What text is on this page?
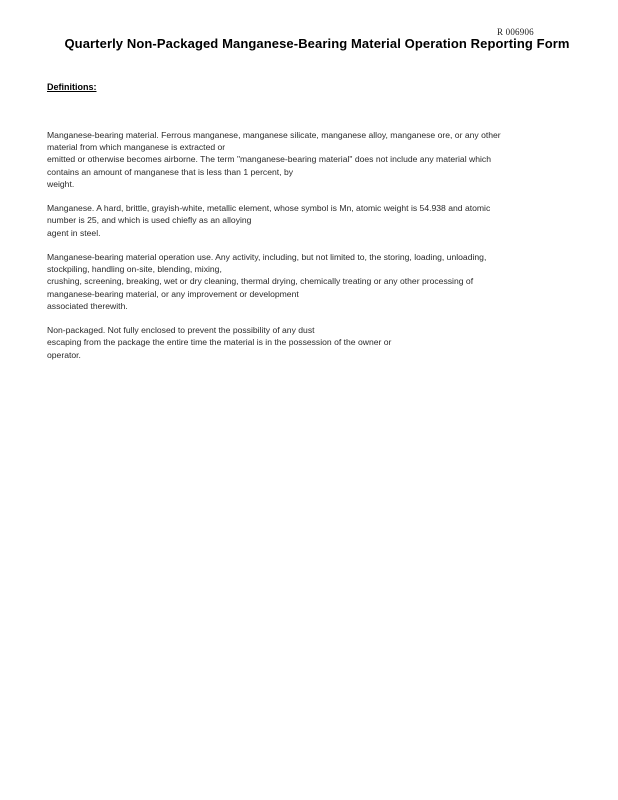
R 006906
Quarterly Non-Packaged Manganese-Bearing Material Operation Reporting Form
Definitions:
Manganese-bearing material. Ferrous manganese, manganese silicate, manganese alloy, manganese ore, or any other
material from which manganese is extracted or
emitted or otherwise becomes airborne. The term "manganese-bearing material" does not include any material which
contains an amount of manganese that is less than 1 percent, by
weight.
Manganese. A hard, brittle, grayish-white, metallic element, whose symbol is Mn, atomic weight is 54.938 and atomic
number is 25, and which is used chiefly as an alloying
agent in steel.
Manganese-bearing material operation use. Any activity, including, but not limited to, the storing, loading, unloading,
stockpiling, handling on-site, blending, mixing,
crushing, screening, breaking, wet or dry cleaning, thermal drying, chemically treating or any other processing of
manganese-bearing material, or any improvement or development
associated therewith.
Non-packaged. Not fully enclosed to prevent the possibility of any dust
escaping from the package the entire time the material is in the possession of the owner or
operator.
